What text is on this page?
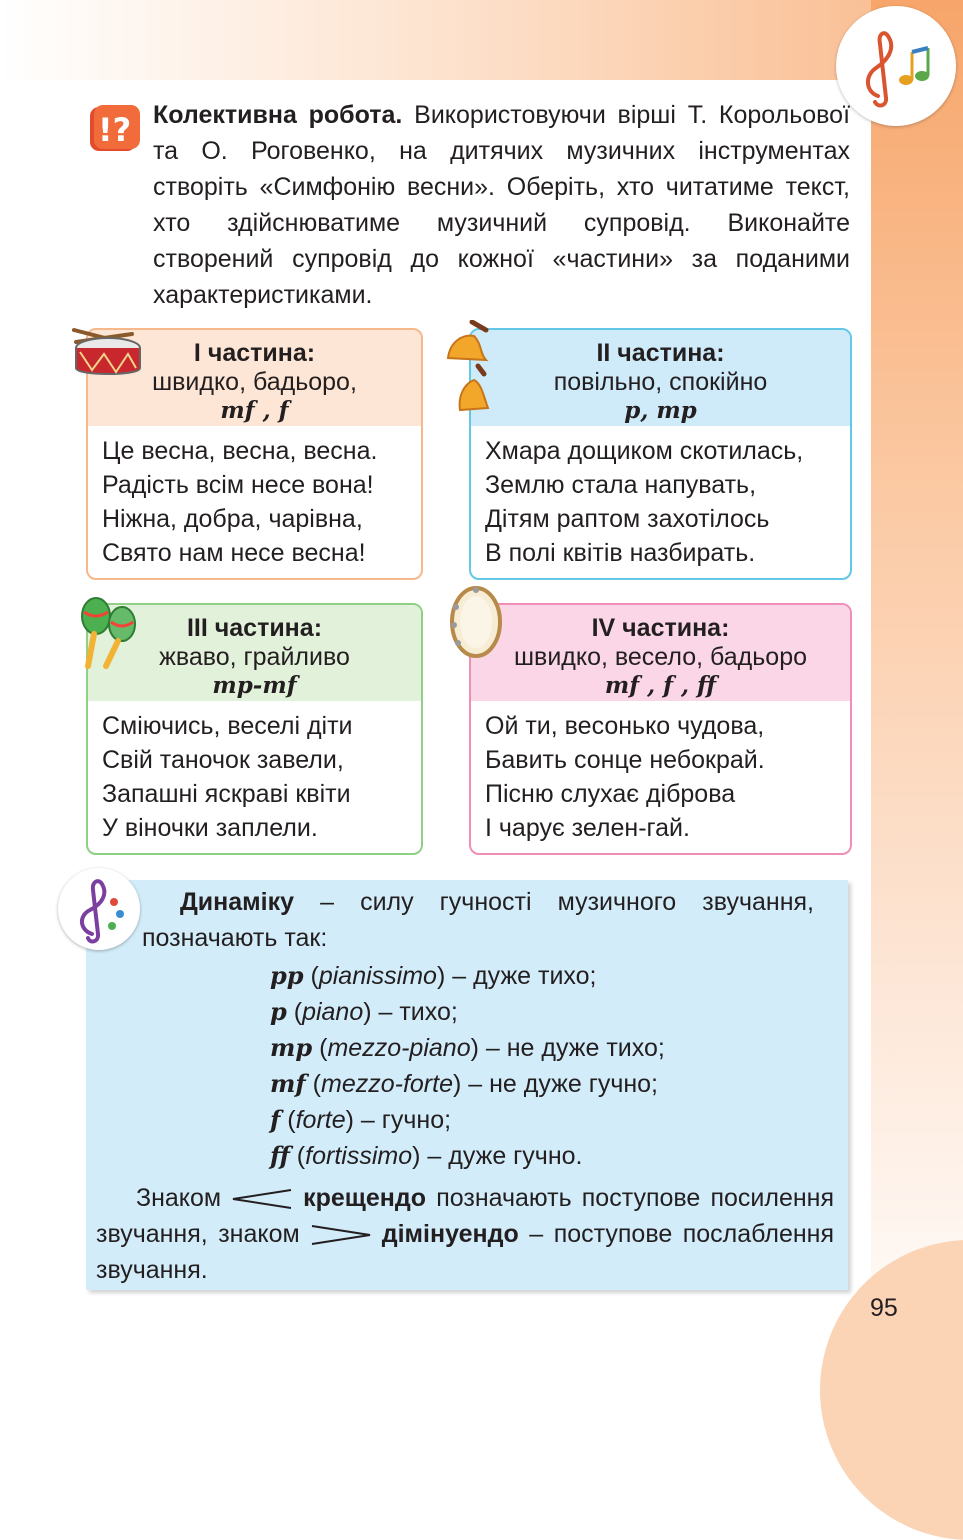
!? Колективна робота. Використовуючи вірші Т. Корольової та О. Роговенко, на дитячих музичних інструментах створіть «Симфонію весни». Оберіть, хто читатиме текст, хто здійснюватиме музичний супровід. Виконайте створений супровід до кожної «частини» за поданими характеристиками.

І частина:
швидко, бадьоро,
mf , f
Це весна, весна, весна.
Радість всім несе вона!
Ніжна, добра, чарівна,
Свято нам несе весна!
ІІ частина:
повільно, спокійно
p, mp
Хмара дощиком скотилась,
Землю стала напувать,
Дітям раптом захотілось
В полі квітів назбирать.
ІІІ частина:
жваво, грайливо
mp-mf
Сміючись, веселі діти
Свій таночок завели,
Запашні яскраві квіти
У віночки заплели.
IV частина:
швидко, весело, бадьоро
mf , f , ff
Ой ти, весонько чудова,
Бавить сонце небокрай.
Пісню слухає діброва
І чарує зелен-гай.

Динаміку – силу гучності музичного звучання, позначають так:

pp (pianissimo) – дуже тихо;
p (piano) – тихо;
mp (mezzo-piano) – не дуже тихо;
mf (mezzo-forte) – не дуже гучно;
f (forte) – гучно;
ff (fortissimo) – дуже гучно.

Знаком	крещендо позначають поступове посилення звучання, знаком	дімінуендо – поступове послаблення звучання.

95
